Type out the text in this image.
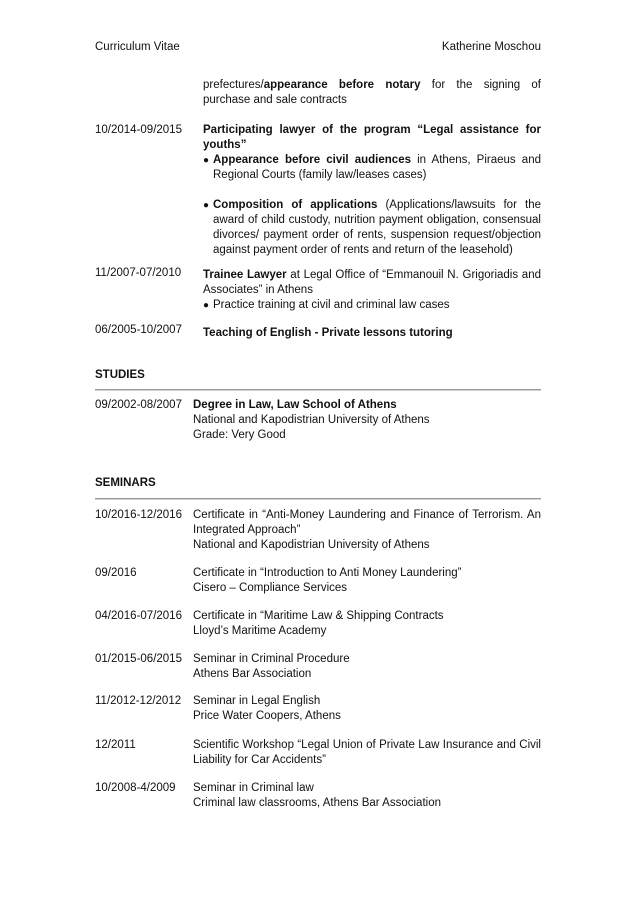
Curriculum Vitae	Katherine Moschou
prefectures/appearance before notary for the signing of purchase and sale contracts
10/2014-09/2015	Participating lawyer of the program “Legal assistance for youths”
● Appearance before civil audiences in Athens, Piraeus and Regional Courts (family law/leases cases)
● Composition of applications (Applications/lawsuits for the award of child custody, nutrition payment obligation, consensual divorces/ payment order of rents, suspension request/objection against payment order of rents and return of the leasehold)
11/2007-07/2010	Trainee Lawyer at Legal Office of “Emmanouil N. Grigoriadis and Associates” in Athens
● Practice training at civil and criminal law cases
06/2005-10/2007	Teaching of English - Private lessons tutoring
STUDIES
09/2002-08/2007 Degree in Law, Law School of Athens
National and Kapodistrian University of Athens
Grade: Very Good
SEMINARS
10/2016-12/2016 Certificate in “Anti-Money Laundering and Finance of Terrorism. An Integrated Approach”
National and Kapodistrian University of Athens
09/2016	Certificate in “Introduction to Anti Money Laundering”
Cisero – Compliance Services
04/2016-07/2016 Certificate in “Maritime Law & Shipping Contracts
Lloyd’s Maritime Academy
01/2015-06/2015 Seminar in Criminal Procedure
Athens Bar Association
11/2012-12/2012	Seminar in Legal English
Price Water Coopers, Athens
12/2011	Scientific Workshop “Legal Union of Private Law Insurance and Civil Liability for Car Accidents”
10/2008-4/2009	Seminar in Criminal law
Criminal law classrooms, Athens Bar Association
